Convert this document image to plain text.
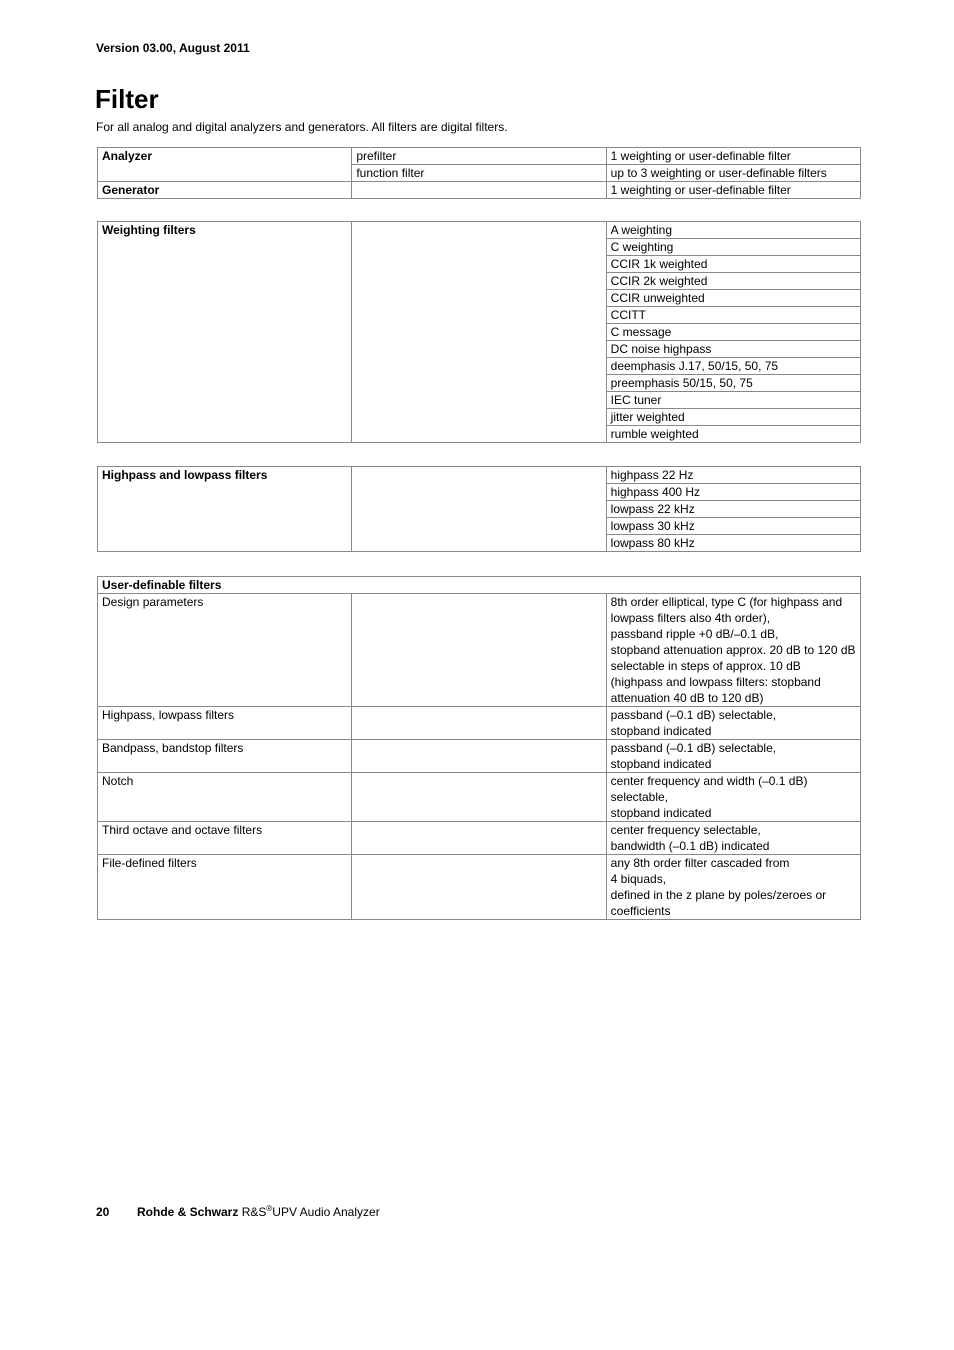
Version 03.00, August 2011
Filter
For all analog and digital analyzers and generators. All filters are digital filters.
Analyzer	prefilter	1 weighting or user-definable filter
	function filter	up to 3 weighting or user-definable filters
Generator		1 weighting or user-definable filter
Weighting filters		A weighting
C weighting
CCIR 1k weighted
CCIR 2k weighted
CCIR unweighted
CCITT
C message
DC noise highpass
deemphasis J.17, 50/15, 50, 75
preemphasis 50/15, 50, 75
IEC tuner
jitter weighted
rumble weighted
Highpass and lowpass filters		highpass 22 Hz
highpass 400 Hz
lowpass 22 kHz
lowpass 30 kHz
lowpass 80 kHz
User-definable filters		
Design parameters		8th order elliptical, type C (for highpass and lowpass filters also 4th order),
passband ripple +0 dB/–0.1 dB,
stopband attenuation approx. 20 dB to 120 dB selectable in steps of approx. 10 dB (highpass and lowpass filters: stopband attenuation 40 dB to 120 dB)
Highpass, lowpass filters		passband (–0.1 dB) selectable,
stopband indicated
Bandpass, bandstop filters		passband (–0.1 dB) selectable,
stopband indicated
Notch		center frequency and width (–0.1 dB) selectable,
stopband indicated
Third octave and octave filters		center frequency selectable,
bandwidth (–0.1 dB) indicated
File-defined filters		any 8th order filter cascaded from
4 biquads,
defined in the z plane by poles/zeroes or coefficients
20 Rohde & Schwarz R&S®UPV Audio Analyzer
